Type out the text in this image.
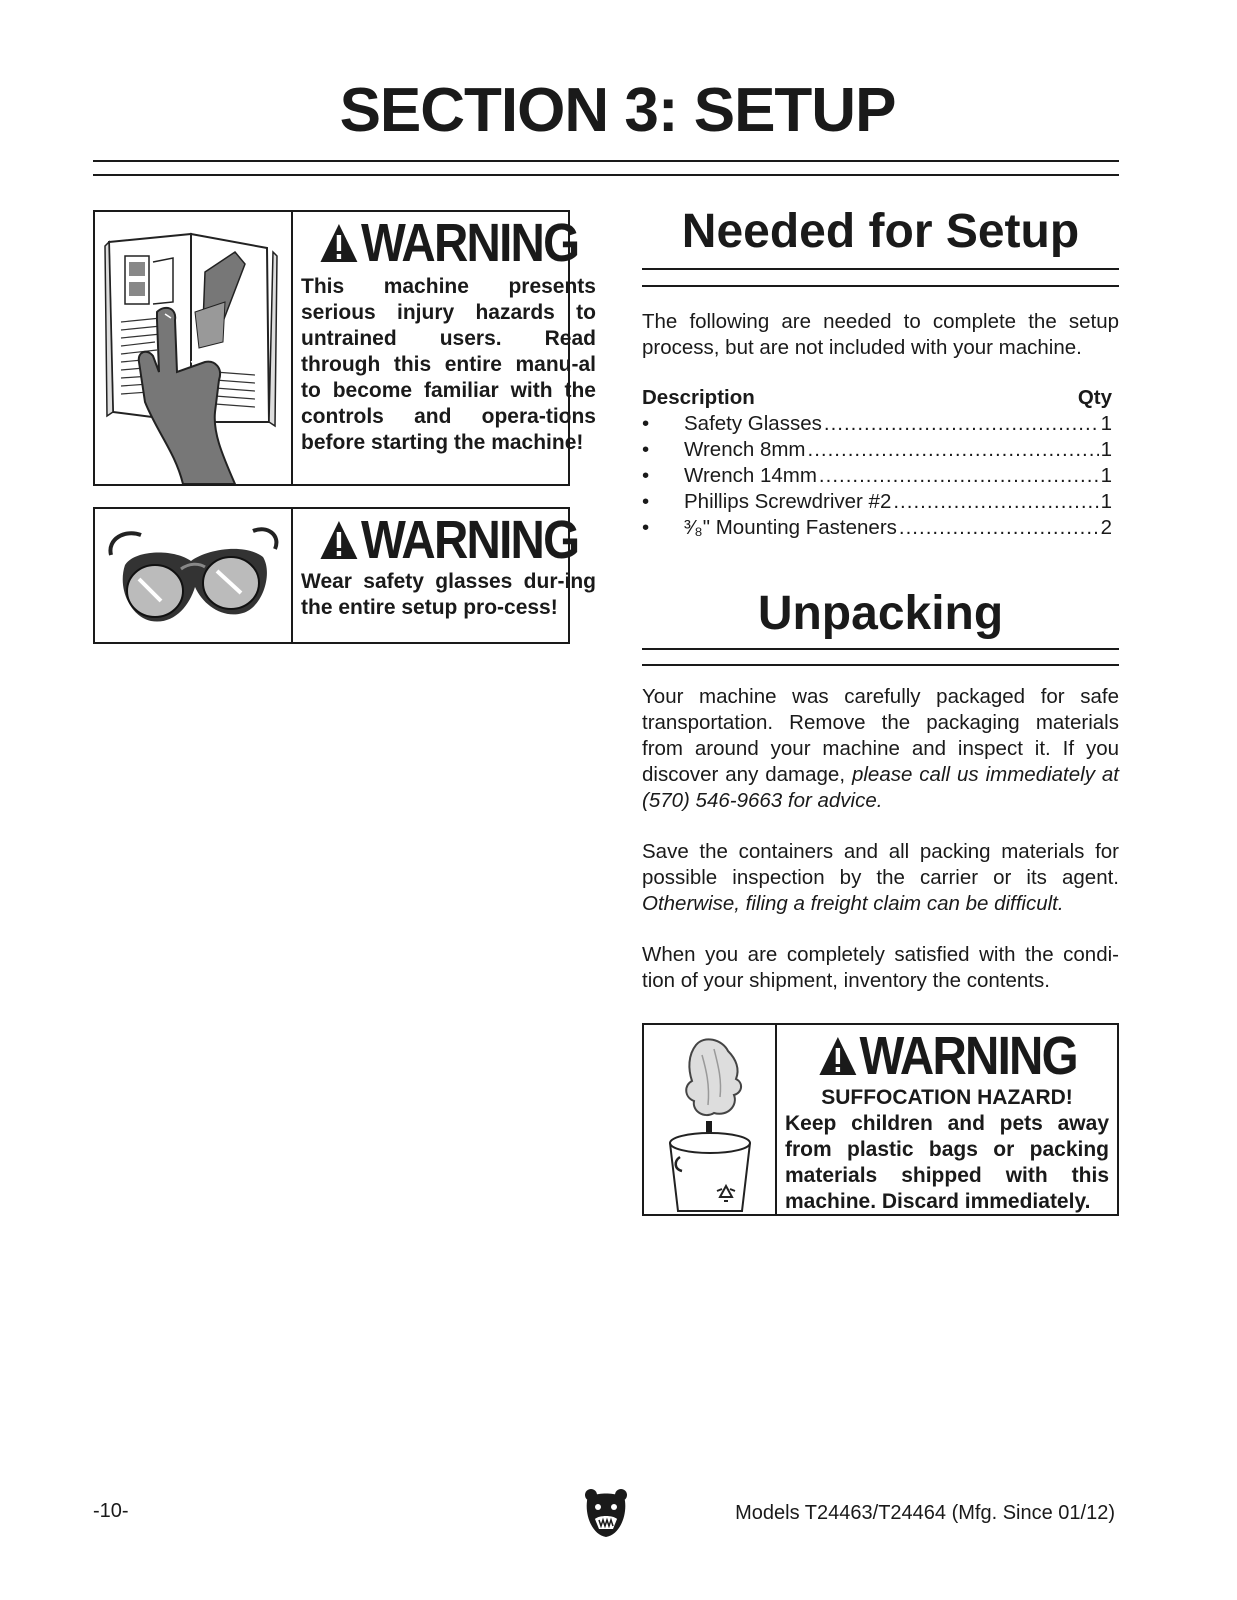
SECTION 3: SETUP
WARNING
This machine presents serious injury hazards to untrained users. Read through this entire manu-al to become familiar with the controls and opera-tions before starting the machine!
WARNING
Wear safety glasses dur-ing the entire setup pro-cess!
Needed for Setup

The following are needed to complete the setup process, but are not included with your machine.

Description	Qty
•	Safety Glasses .....	1
•	Wrench 8mm .....	1
•	Wrench 14mm .....	1
•	Phillips Screwdriver #2 .....	1
•	³⁄₈" Mounting Fasteners .....	2
Unpacking

Your machine was carefully packaged for safe transportation. Remove the packaging materials from around your machine and inspect it. If you discover any damage, please call us immediately at (570) 546-9663 for advice.

Save the containers and all packing materials for possible inspection by the carrier or its agent. Otherwise, filing a freight claim can be difficult.

When you are completely satisfied with the condi-tion of your shipment, inventory the contents.

WARNING
SUFFOCATION HAZARD!
Keep children and pets away from plastic bags or packing materials shipped with this machine. Discard immediately.
-10-	Models T24463/T24464 (Mfg. Since 01/12)
